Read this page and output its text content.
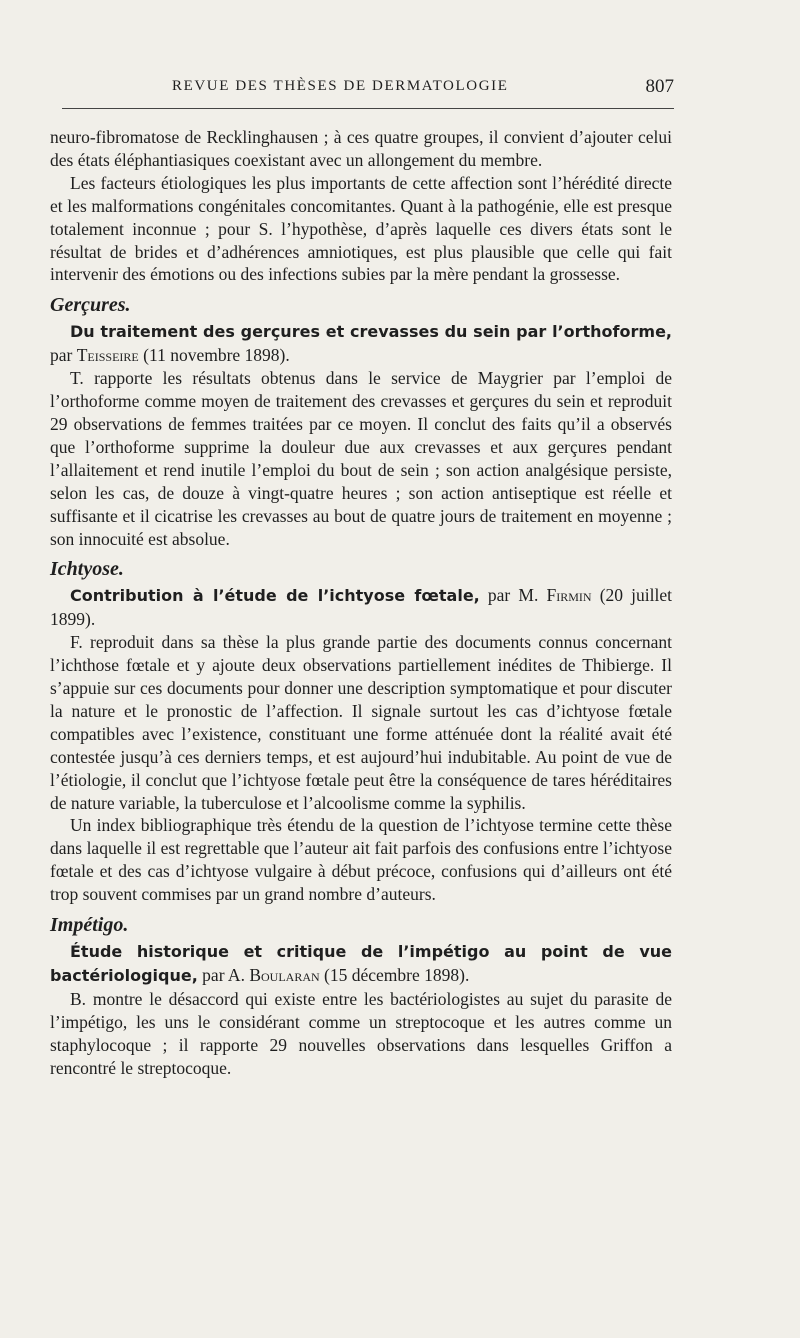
REVUE DES THÈSES DE DERMATOLOGIE	807

neuro-fibromatose de Recklinghausen ; à ces quatre groupes, il convient d’ajouter celui des états éléphantiasiques coexistant avec un allongement du membre.

Les facteurs étiologiques les plus importants de cette affection sont l’hérédité directe et les malformations congénitales concomitantes. Quant à la pathogénie, elle est presque totalement inconnue ; pour S. l’hypothèse, d’après laquelle ces divers états sont le résultat de brides et d’adhérences amniotiques, est plus plausible que celle qui fait intervenir des émotions ou des infections subies par la mère pendant la grossesse.

Gerçures.

Du traitement des gerçures et crevasses du sein par l’orthoforme, par Teisseire (11 novembre 1898).

T. rapporte les résultats obtenus dans le service de Maygrier par l’emploi de l’orthoforme comme moyen de traitement des crevasses et gerçures du sein et reproduit 29 observations de femmes traitées par ce moyen. Il conclut des faits qu’il a observés que l’orthoforme supprime la douleur due aux crevasses et aux gerçures pendant l’allaitement et rend inutile l’emploi du bout de sein ; son action analgésique persiste, selon les cas, de douze à vingt-quatre heures ; son action antiseptique est réelle et suffisante et il cicatrise les crevasses au bout de quatre jours de traitement en moyenne ; son innocuité est absolue.

Ichtyose.

Contribution à l’étude de l’ichtyose fœtale, par M. Firmin (20 juillet 1899).

F. reproduit dans sa thèse la plus grande partie des documents connus concernant l’ichthose fœtale et y ajoute deux observations partiellement inédites de Thibierge. Il s’appuie sur ces documents pour donner une description symptomatique et pour discuter la nature et le pronostic de l’affection. Il signale surtout les cas d’ichtyose fœtale compatibles avec l’existence, constituant une forme atténuée dont la réalité avait été contestée jusqu’à ces derniers temps, et est aujourd’hui indubitable. Au point de vue de l’étiologie, il conclut que l’ichtyose fœtale peut être la conséquence de tares héréditaires de nature variable, la tuberculose et l’alcoolisme comme la syphilis.

Un index bibliographique très étendu de la question de l’ichtyose termine cette thèse dans laquelle il est regrettable que l’auteur ait fait parfois des confusions entre l’ichtyose fœtale et des cas d’ichtyose vulgaire à début précoce, confusions qui d’ailleurs ont été trop souvent commises par un grand nombre d’auteurs.

Impétigo.

Étude historique et critique de l’impétigo au point de vue bactériologique, par A. Boularan (15 décembre 1898).

B. montre le désaccord qui existe entre les bactériologistes au sujet du parasite de l’impétigo, les uns le considérant comme un streptocoque et les autres comme un staphylocoque ; il rapporte 29 nouvelles observations dans lesquelles Griffon a rencontré le streptocoque.
